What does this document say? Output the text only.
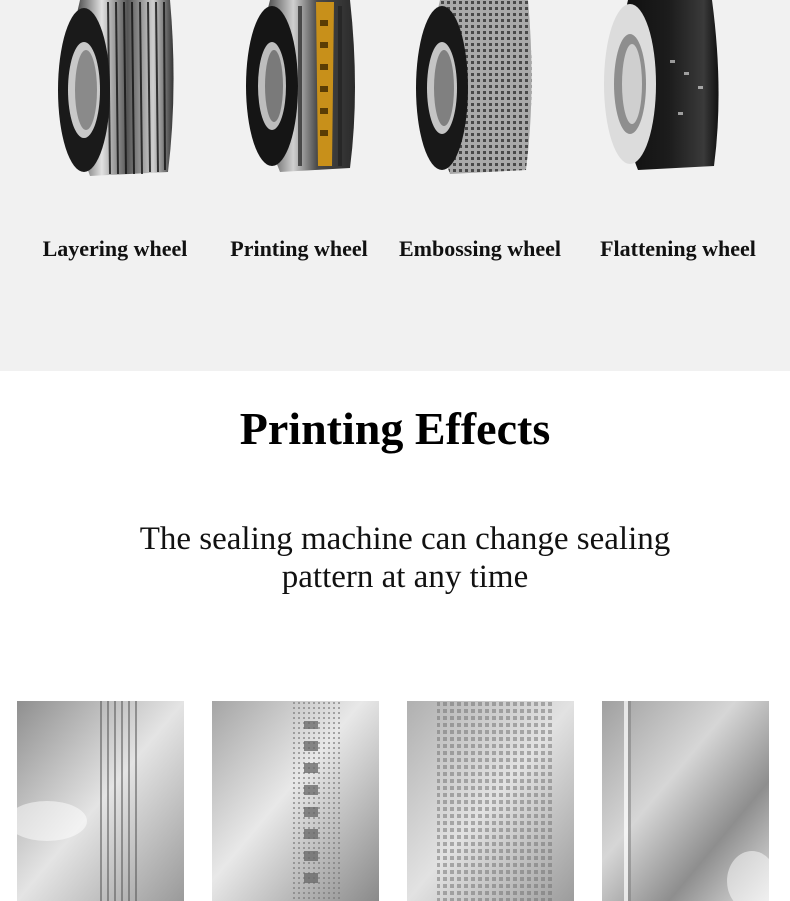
Layering wheel	Printing wheel	Embossing wheel	Flattening wheel
Printing Effects

The sealing machine can change sealing pattern at any time
